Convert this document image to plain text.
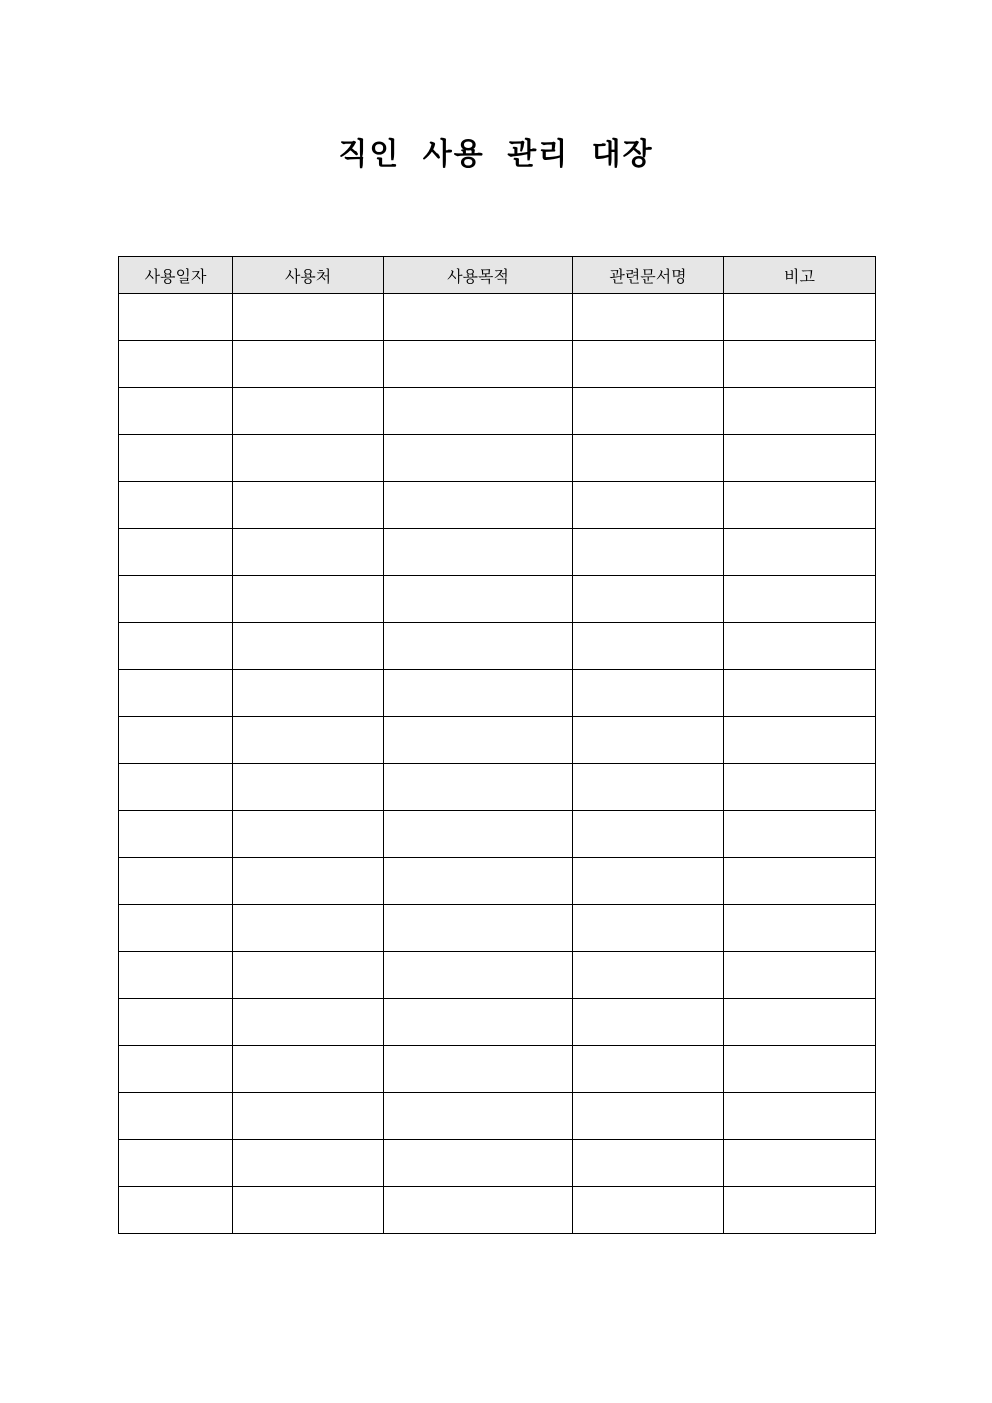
직인 사용 관리 대장
사용일자	사용처	사용목적	관련문서명	비고
